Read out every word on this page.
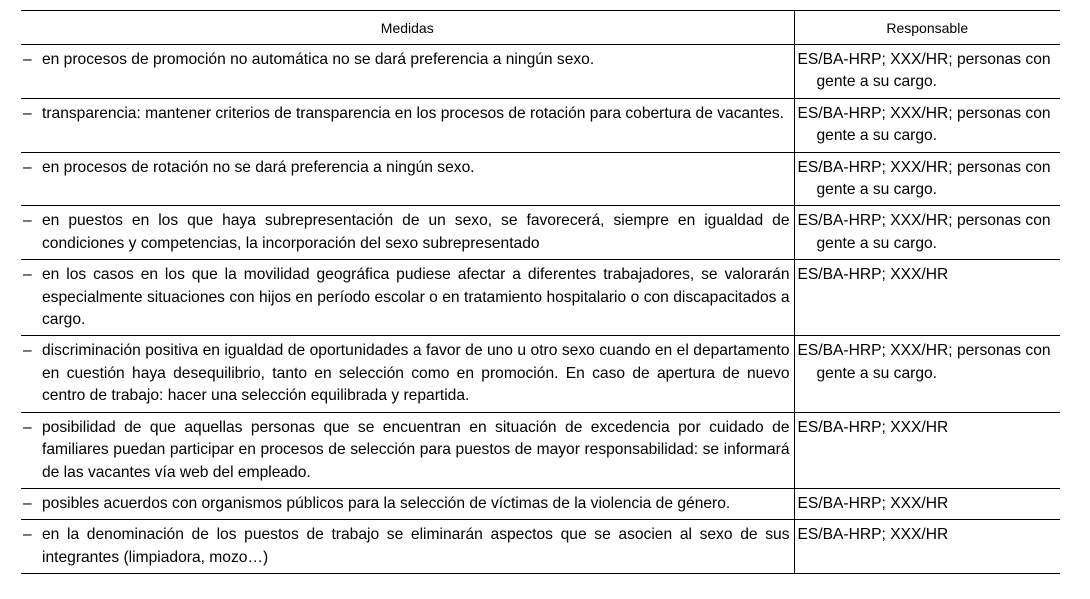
Medidas	Responsable

– en procesos de promoción no automática no se dará preferencia a ningún sexo.	ES/BA-HRP; XXX/HR; personas con gente a su cargo.

– transparencia: mantener criterios de transparencia en los procesos de rotación para cobertura de vacantes.	ES/BA-HRP; XXX/HR; personas con gente a su cargo.

– en procesos de rotación no se dará preferencia a ningún sexo.	ES/BA-HRP; XXX/HR; personas con gente a su cargo.

– en puestos en los que haya subrepresentación de un sexo, se favorecerá, siempre en igualdad de condiciones y competencias, la incorporación del sexo subrepresentado	ES/BA-HRP; XXX/HR; personas con gente a su cargo.

– en los casos en los que la movilidad geográfica pudiese afectar a diferentes trabajadores, se valorarán especialmente situaciones con hijos en período escolar o en tratamiento hospitalario o con discapacitados a cargo.	ES/BA-HRP; XXX/HR

– discriminación positiva en igualdad de oportunidades a favor de uno u otro sexo cuando en el departamento en cuestión haya desequilibrio, tanto en selección como en promoción. En caso de apertura de nuevo centro de trabajo: hacer una selección equilibrada y repartida.	ES/BA-HRP; XXX/HR; personas con gente a su cargo.

– posibilidad de que aquellas personas que se encuentran en situación de excedencia por cuidado de familiares puedan participar en procesos de selección para puestos de mayor responsabilidad: se informará de las vacantes vía web del empleado.	ES/BA-HRP; XXX/HR

– posibles acuerdos con organismos públicos para la selección de víctimas de la violencia de género.	ES/BA-HRP; XXX/HR

– en la denominación de los puestos de trabajo se eliminarán aspectos que se asocien al sexo de sus integrantes (limpiadora, mozo…)	ES/BA-HRP; XXX/HR
